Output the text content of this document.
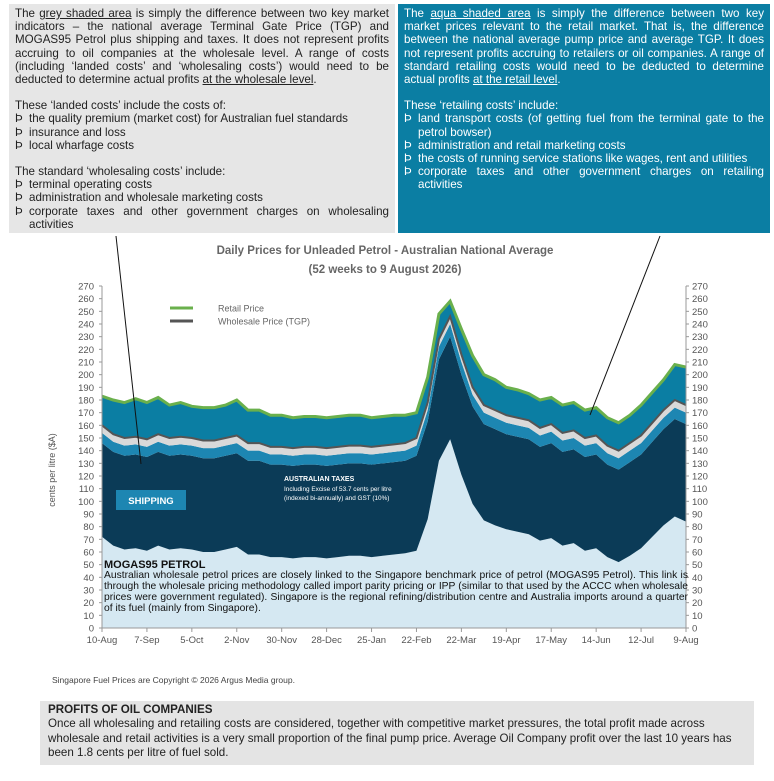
The grey shaded area is simply the difference between two key market indicators – the national average Terminal Gate Price (TGP) and MOGAS95 Petrol plus shipping and taxes. It does not represent profits accruing to oil companies at the wholesale level. A range of costs (including ‘landed costs’ and ‘wholesaling costs’) would need to be deducted to determine actual profits at the wholesale level.
These ‘landed costs’ include the costs of:
Þ the quality premium (market cost) for Australian fuel standards
Þ insurance and loss
Þ local wharfage costs
The standard ‘wholesaling costs’ include:
Þ terminal operating costs
Þ administration and wholesale marketing costs
Þ corporate taxes and other government charges on wholesaling activities
The aqua shaded area is simply the difference between two key market prices relevant to the retail market. That is, the difference between the national average pump price and average TGP. It does not represent profits accruing to retailers or oil companies. A range of standard retailing costs would need to be deducted to determine actual profits at the retail level.
These ‘retailing costs’ include:
Þ land transport costs (of getting fuel from the terminal gate to the petrol bowser)
Þ administration and retail marketing costs
Þ the costs of running service stations like wages, rent and utilities
Þ corporate taxes and other government charges on retailing activities
Daily Prices for Unleaded Petrol - Australian National Average
(52 weeks to 9 August 2026)
0	0
10	10
20	20
30	30
40	40
50	50
60	60
70	70
80	80
90	90
100	100
110	110
120	120
130	130
140	140
150	150
160	160
170	170
180	180
190	190
200	200
210	210
220	220
230	230
240	240
250	250
260	260
270	270
10-Aug 7-Sep 5-Oct 2-Nov 30-Nov 28-Dec 25-Jan 22-Feb 22-Mar 19-Apr 17-May 14-Jun 12-Jul 9-Aug
cents per litre ($A)
Retail Price
Wholesale Price (TGP)
SHIPPING
AUSTRALIAN TAXES
Including Excise of 53.7 cents per litre
(indexed bi-annually) and GST (10%)
MOGAS95 PETROL
Australian wholesale petrol prices are closely linked to the Singapore benchmark price of petrol (MOGAS95 Petrol). This link is through the wholesale pricing methodology called import parity pricing or IPP (similar to that used by the ACCC when wholesale prices were government regulated). Singapore is the regional refining/distribution centre and Australia imports around a quarter of its fuel (mainly from Singapore).
Singapore Fuel Prices are Copyright © 2026 Argus Media group.
PROFITS OF OIL COMPANIES
Once all wholesaling and retailing costs are considered, together with competitive market pressures, the total profit made across wholesale and retail activities is a very small proportion of the final pump price. Average Oil Company profit over the last 10 years has been 1.8 cents per litre of fuel sold.
